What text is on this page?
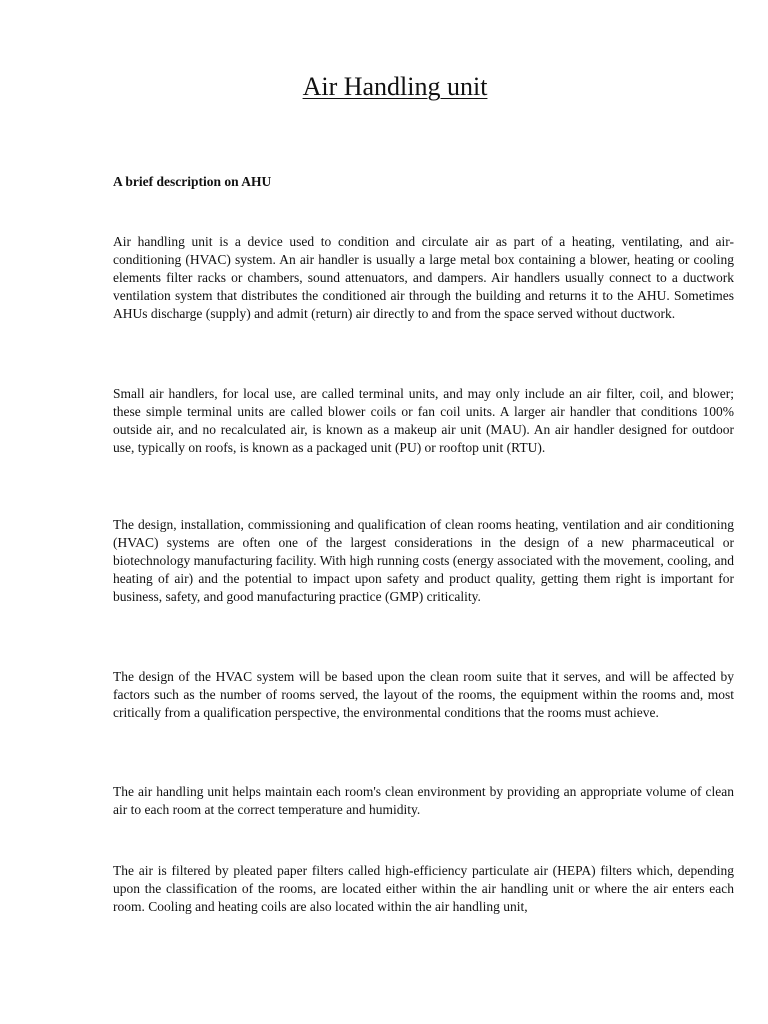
Air Handling unit
A brief description on AHU

Air handling unit is a device used to condition and circulate air as part of a heating, ventilating, and air-conditioning (HVAC) system. An air handler is usually a large metal box containing a blower, heating or cooling elements filter racks or chambers, sound attenuators, and dampers. Air handlers usually connect to a ductwork ventilation system that distributes the conditioned air through the building and returns it to the AHU. Sometimes AHUs discharge (supply) and admit (return) air directly to and from the space served without ductwork.

Small air handlers, for local use, are called terminal units, and may only include an air filter, coil, and blower; these simple terminal units are called blower coils or fan coil units. A larger air handler that conditions 100% outside air, and no recalculated air, is known as a makeup air unit (MAU). An air handler designed for outdoor use, typically on roofs, is known as a packaged unit (PU) or rooftop unit (RTU).

The design, installation, commissioning and qualification of clean rooms heating, ventilation and air conditioning (HVAC) systems are often one of the largest considerations in the design of a new pharmaceutical or biotechnology manufacturing facility. With high running costs (energy associated with the movement, cooling, and heating of air) and the potential to impact upon safety and product quality, getting them right is important for business, safety, and good manufacturing practice (GMP) criticality.

The design of the HVAC system will be based upon the clean room suite that it serves, and will be affected by factors such as the number of rooms served, the layout of the rooms, the equipment within the rooms and, most critically from a qualification perspective, the environmental conditions that the rooms must achieve.

The air handling unit helps maintain each room's clean environment by providing an appropriate volume of clean air to each room at the correct temperature and humidity.

The air is filtered by pleated paper filters called high-efficiency particulate air (HEPA) filters which, depending upon the classification of the rooms, are located either within the air handling unit or where the air enters each room. Cooling and heating coils are also located within the air handling unit,
